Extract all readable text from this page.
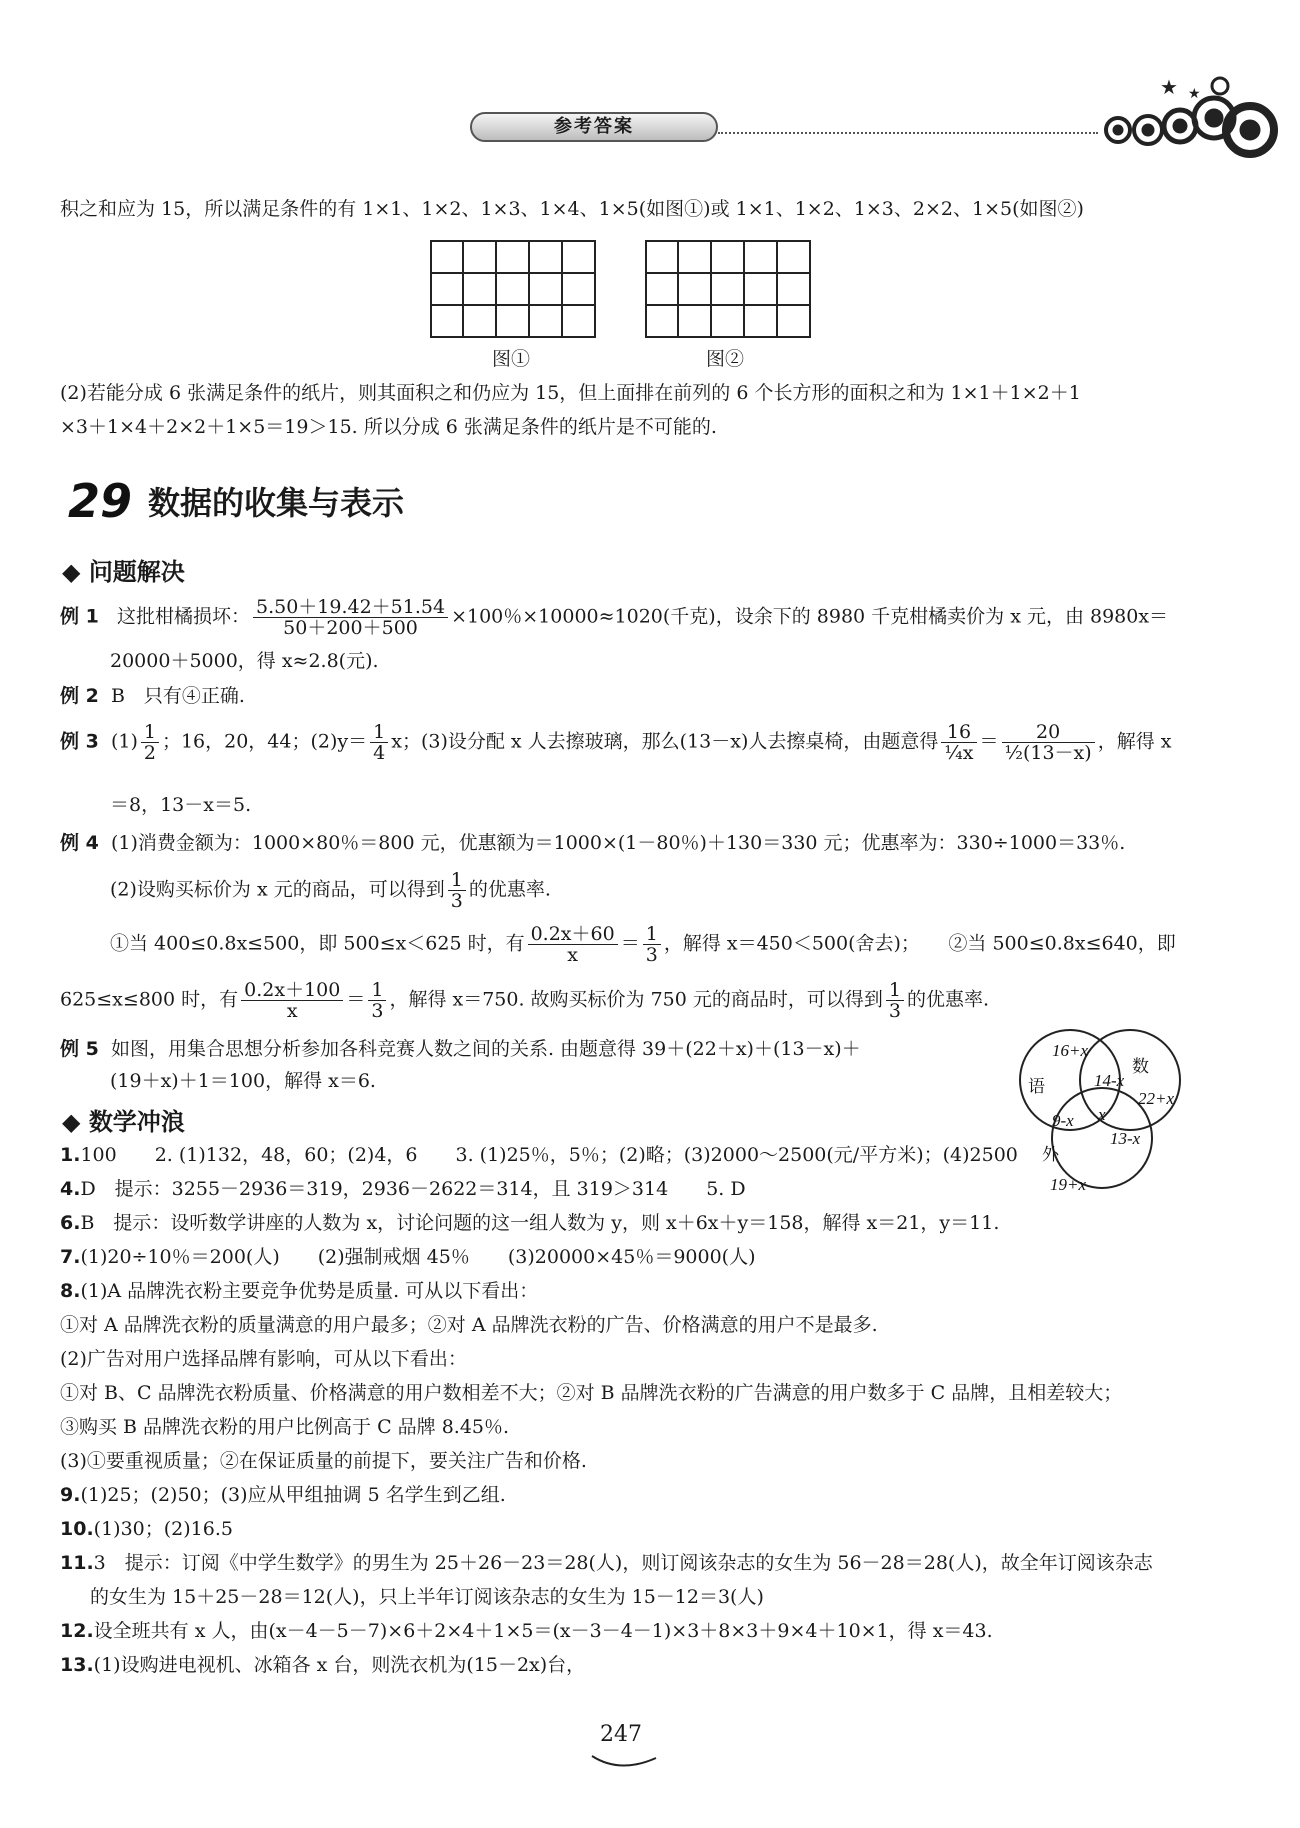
参考答案
★ ★
积之和应为 15，所以满足条件的有 1×1、1×2、1×3、1×4、1×5(如图①)或 1×1、1×2、1×3、2×2、1×5(如图②)
图①	图②
(2)若能分成 6 张满足条件的纸片，则其面积之和仍应为 15，但上面排在前列的 6 个长方形的面积之和为 1×1＋1×2＋1
×3＋1×4＋2×2＋1×5＝19＞15. 所以分成 6 张满足条件的纸片是不可能的.
29 数据的收集与表示
◆ 问题解决
例 1 这批柑橘损坏： $\frac{5.50+19.42+51.54}{50+200+500} \times 100$％×10000≈1020(千克)，设余下的 8980 千克柑橘卖价为 x 元，由 8980x＝
20000＋5000，得 x≈2.8(元).
例 2 B　只有④正确.
例 3 $(1) \frac{1}{2}$ ；16，20，44；$(2)y= \frac{1}{4}$ x；(3)设分配 x 人去擦玻璃，那么(13－x)人去擦桌椅，由题意得 $\frac{16}{\text{¼x}} = \frac{20}{\text{½(13－x)}}$ ，解得 x
＝8，13－x＝5.
例 4 (1)消费金额为：1000×80％＝800 元，优惠额为＝1000×(1－80％)＋130＝330 元；优惠率为：330÷1000＝33％.
(2)设购买标价为 x 元的商品，可以得到 $\frac{1}{3}$ 的优惠率.
①当 400≤0.8x≤500，即 500≤x＜625 时，有 $\frac{0.2x+60}{x} = \frac{1}{3}$ ，解得 x＝450＜500(舍去)；　　②当 500≤0.8x≤640，即
625≤x≤800 时，有 $\frac{0.2x+100}{x} = \frac{1}{3}$ ，解得 x＝750. 故购买标价为 750 元的商品时，可以得到 $\frac{1}{3}$ 的优惠率.
例 5 如图，用集合思想分析参加各科竞赛人数之间的关系. 由题意得 39＋(22＋x)＋(13－x)＋
(19＋x)＋1＝100，解得 x＝6.
16+x
语	14-x
数
22+x
9-x x
13-x
外
19+x
◆ 数学冲浪
1.100　　2. (1)132，48，60；(2)4，6　　3. (1)25％，5％；(2)略；(3)2000～2500(元/平方米)；(4)2500
4.D　提示：3255－2936＝319，2936－2622＝314，且 319＞314　　5. D
6.B　提示：设听数学讲座的人数为 x，讨论问题的这一组人数为 y，则 x＋6x＋y＝158，解得 x＝21，y＝11.
7.(1)20÷10％＝200(人)　　(2)强制戒烟 45％　　(3)20000×45％＝9000(人)
8.(1)A 品牌洗衣粉主要竞争优势是质量. 可从以下看出：
①对 A 品牌洗衣粉的质量满意的用户最多；②对 A 品牌洗衣粉的广告、价格满意的用户不是最多.
(2)广告对用户选择品牌有影响，可从以下看出：
①对 B、C 品牌洗衣粉质量、价格满意的用户数相差不大；②对 B 品牌洗衣粉的广告满意的用户数多于 C 品牌，且相差较大；
③购买 B 品牌洗衣粉的用户比例高于 C 品牌 8.45％.
(3)①要重视质量；②在保证质量的前提下，要关注广告和价格.
9.(1)25；(2)50；(3)应从甲组抽调 5 名学生到乙组.
10.(1)30；(2)16.5
11.3　提示：订阅《中学生数学》的男生为 25＋26－23＝28(人)，则订阅该杂志的女生为 56－28＝28(人)，故全年订阅该杂志
的女生为 15＋25－28＝12(人)，只上半年订阅该杂志的女生为 15－12＝3(人)
12.设全班共有 x 人，由(x－4－5－7)×6＋2×4＋1×5＝(x－3－4－1)×3＋8×3＋9×4＋10×1，得 x＝43.
13.(1)设购进电视机、冰箱各 x 台，则洗衣机为(15－2x)台，
247
